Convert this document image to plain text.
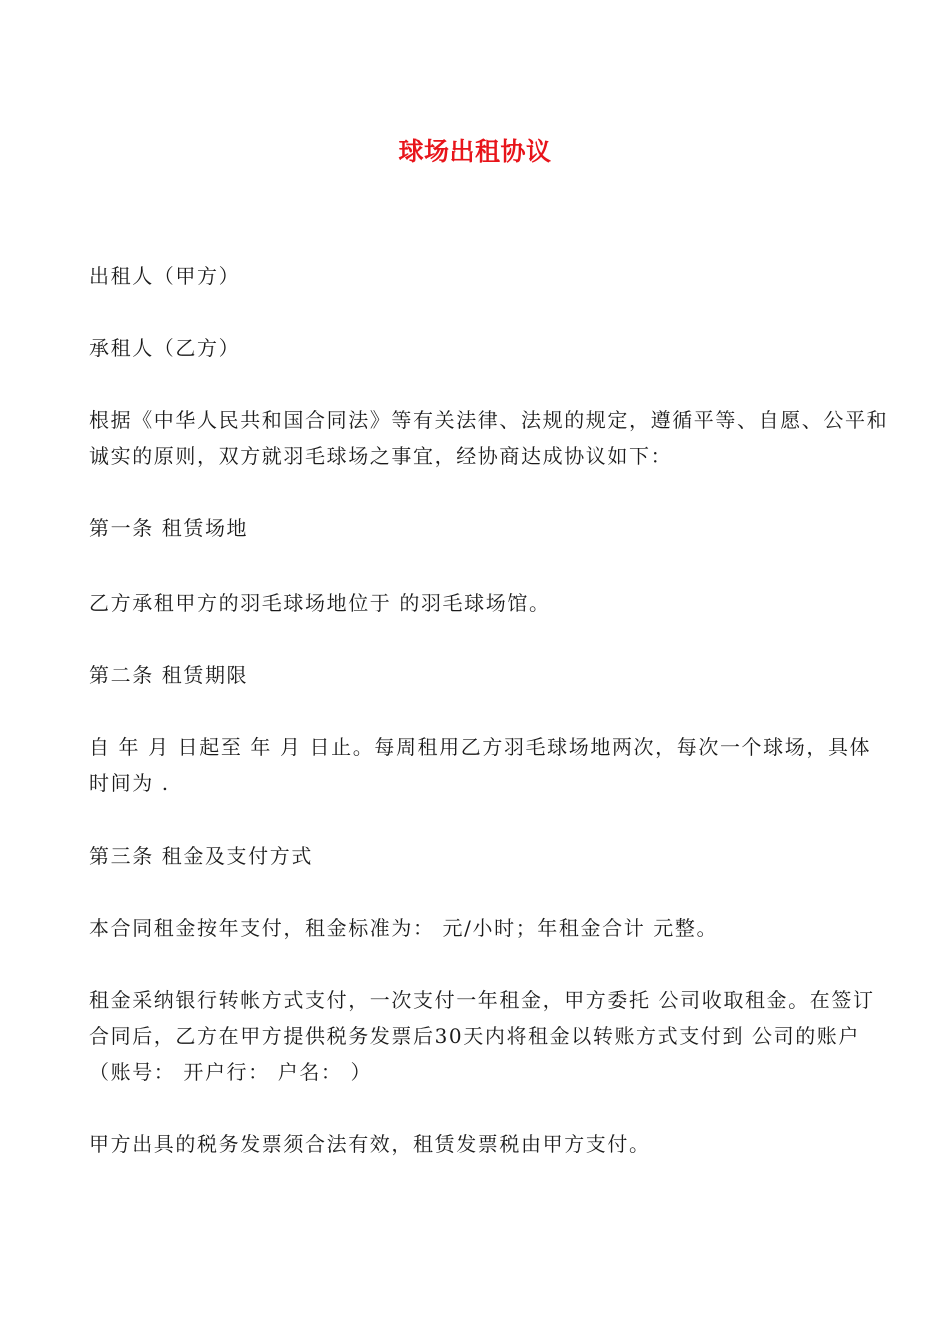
球场出租协议
出租人（甲方）
承租人（乙方）
根据《中华人民共和国合同法》等有关法律、法规的规定，遵循平等、自愿、公平和诚实的原则，双方就羽毛球场之事宜，经协商达成协议如下：
第一条 租赁场地
乙方承租甲方的羽毛球场地位于 的羽毛球场馆。
第二条 租赁期限
自 年 月 日起至 年 月 日止。每周租用乙方羽毛球场地两次，每次一个球场，具体时间为 .
第三条 租金及支付方式
本合同租金按年支付，租金标准为： 元/小时；年租金合计 元整。
租金采纳银行转帐方式支付，一次支付一年租金，甲方委托 公司收取租金。在签订合同后，乙方在甲方提供税务发票后30天内将租金以转账方式支付到 公司的账户（账号： 开户行： 户名： ）
甲方出具的税务发票须合法有效，租赁发票税由甲方支付。
